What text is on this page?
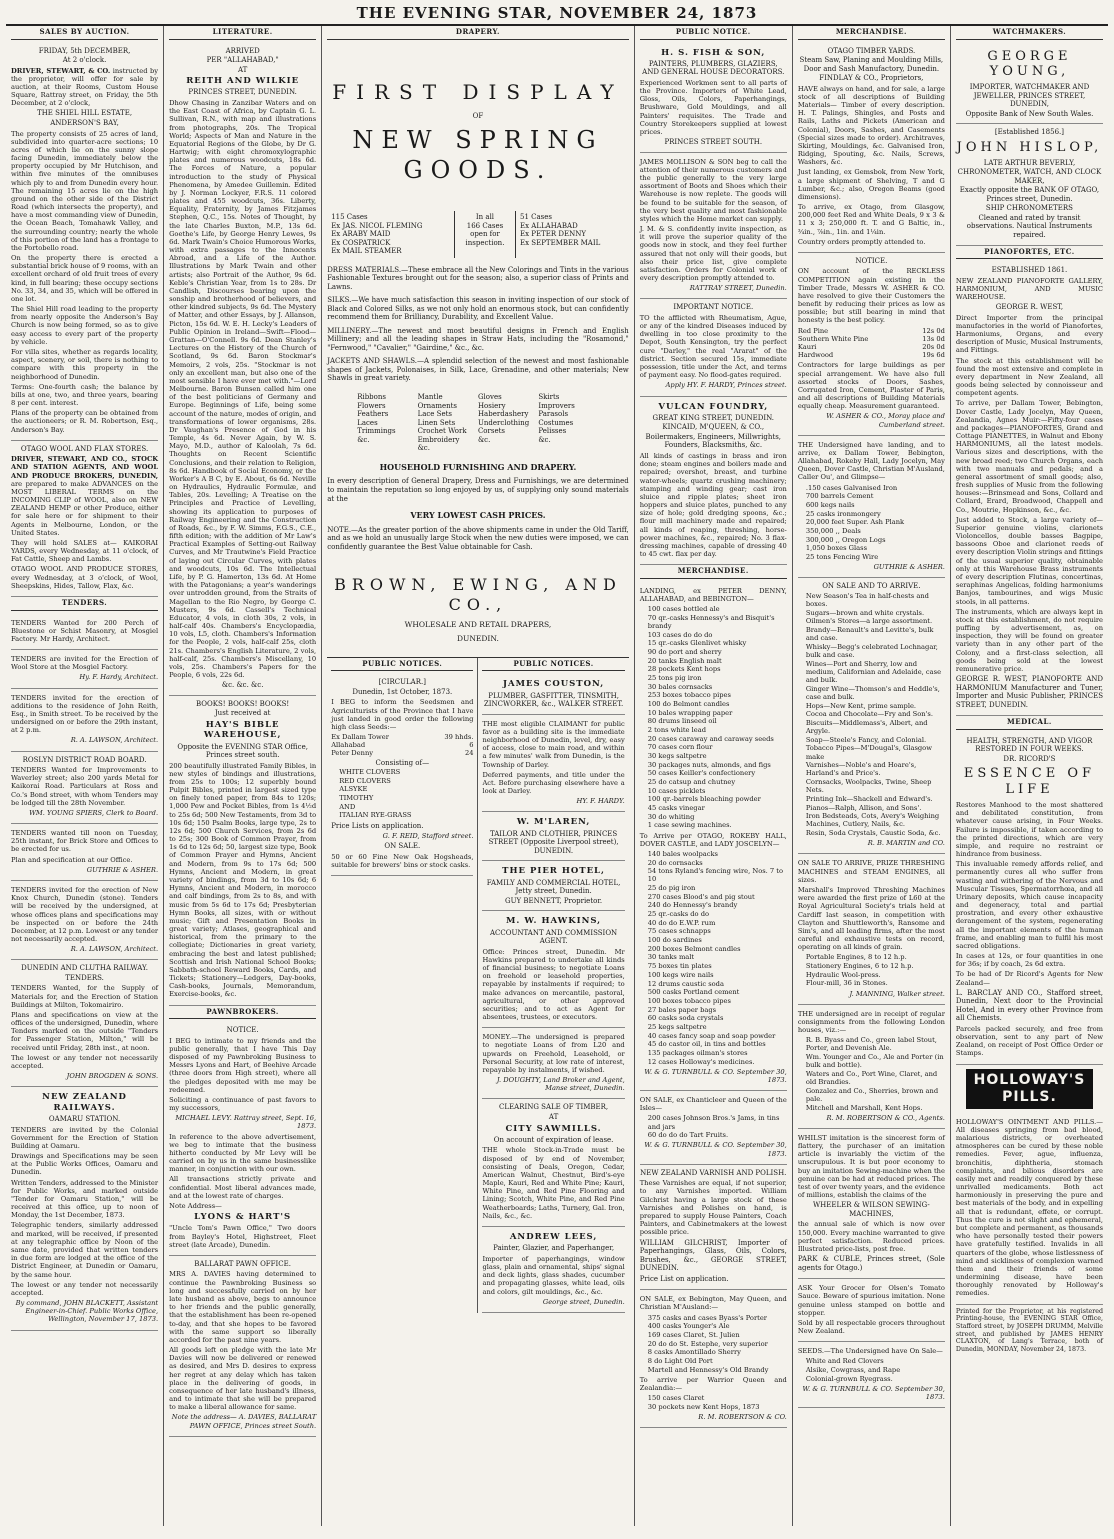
THE EVENING STAR, NOVEMBER 24, 1873
SALES BY AUCTION.
FRIDAY, 5th DECEMBER,
At 2 o'clock.

DRIVER, STEWART, & CO. instructed by the proprietor, will offer for sale by auction, at their Rooms, Custom House Square, Rattray street, on Friday, the 5th December, at 2 o'clock,

THE SHIEL HILL ESTATE,
ANDERSON'S BAY,

The property consists of 25 acres of land, subdivided into quarter-acre sections; 10 acres of which lie on the sunny slope facing Dunedin, immediately below the property occupied by Mr Hutchison, and within five minutes of the omnibuses which ply to and from Dunedin every hour. The remaining 15 acres lie on the high ground on the other side of the District Road (which intersects the property), and have a most commanding view of Dunedin, the Ocean Beach, Tomahawk Valley, and the surrounding country; nearly the whole of this portion of the land has a frontage to the Portobello road.

On the property there is erected a substantial brick house of 9 rooms, with an excellent orchard of old fruit trees of every kind, in full bearing; these occupy sections No. 33, 34, and 35, which will be offered in one lot.

The Shiel Hill road leading to the property from nearly opposite the Anderson's Bay Church is now being formed, so as to give easy access to every part of the property by vehicle.

For villa sites, whether as regards locality, aspect, scenery, or soil, there is nothing to compare with this property in the neighborhood of Dunedin.

Terms: One-fourth cash; the balance by bills at one, two, and three years, bearing 8 per cent. interest.

Plans of the property can be obtained from the auctioneers; or R. M. Robertson, Esq., Anderson's Bay.

OTAGO WOOL AND FLAX STORES.

DRIVER, STEWART, AND CO., STOCK AND STATION AGENTS, AND WOOL AND PRODUCE BROKERS, DUNEDIN, are prepared to make ADVANCES on the MOST LIBERAL TERMS on the INCOMING CLIP of WOOL, also on NEW ZEALAND HEMP or other Produce, either for sale here or for shipment to their Agents in Melbourne, London, or the United States.

They will hold SALES at— KAIKORAI YARDS, every Wednesday, at 11 o'clock, of Fat Cattle, Sheep and Lambs.

OTAGO WOOL AND PRODUCE STORES, every Wednesday, at 3 o'clock, of Wool, Sheepskins, Hides, Tallow, Flax, &c.

TENDERS.

TENDERS Wanted for 200 Perch of Bluestone or Schist Masonry, at Mosgiel Factory. Mr Hardy, Architect.

TENDERS are invited for the Erection of Wool Store at the Mosgiel Factory.

Hy. F. Hardy, Architect.

TENDERS invited for the erection of additions to the residence of John Reith, Esq., in Smith street. To be received by the undersigned on or before the 29th instant, at 2 p.m.

R. A. LAWSON, Architect.

ROSLYN DISTRICT ROAD BOARD.

TENDERS Wanted for Improvements to Waverley street; also 200 yards Metal for Kaikorai Road. Particulars at Ross and Co.'s Bond street, with whom Tenders may be lodged till the 28th November.

WM. YOUNG SPIERS, Clerk to Board.

TENDERS wanted till noon on Tuesday, 25th instant, for Brick Store and Offices to be erected for us.

Plan and specification at our Office.

GUTHRIE & ASHER.

TENDERS invited for the erection of New Knox Church, Dunedin (stone). Tenders will be received by the undersigned, at whose offices plans and specifications may be inspected on or before the 24th December, at 12 p.m. Lowest or any tender not necessarily accepted.

R. A. LAWSON, Architect.

DUNEDIN AND CLUTHA RAILWAY.
TENDERS.

TENDERS Wanted, for the Supply of Materials for, and the Erection of Station Buildings at Milton, Tokomairiro.

Plans and specifications on view at the offices of the undersigned, Dunedin, where Tenders marked on the outside "Tenders for Passenger Station, Milton," will be received until Friday, 28th inst., at noon.

The lowest or any tender not necessarily accepted.

JOHN BROGDEN & SONS.

NEW ZEALAND RAILWAYS.
OAMARU STATION.

TENDERS are invited by the Colonial Government for the Erection of Station Building at Oamaru.

Drawings and Specifications may be seen at the Public Works Offices, Oamaru and Dunedin.

Written Tenders, addressed to the Minister for Public Works, and marked outside "Tender for Oamaru Station," will be received at this office, up to noon of Monday, the 1st December, 1873.

Telegraphic tenders, similarly addressed and marked, will be received, if presented at any telegraphic office by Noon of the same date, provided that written tenders in due form are lodged at the office of the District Engineer, at Dunedin or Oamaru, by the same hour.

The lowest or any tender not necessarily accepted.

By command, JOHN BLACKETT, Assistant Engineer-in-Chief. Public Works Office, Wellington, November 17, 1873.

LITERATURE.
ARRIVED
PER "ALLAHABAD,"
AT
REITH AND WILKIE
PRINCES STREET, DUNEDIN.

Dhow Chasing in Zanzibar Waters and on the East Coast of Africa, by Captain G. L. Sullivan, R.N., with map and illustrations from photographs, 20s. The Tropical World; Aspects of Man and Nature in the Equatorial Regions of the Globe, by Dr G. Hartwig; with eight chromoxylographic plates and numerous woodcuts, 18s 6d. The Forces of Nature, a popular introduction to the study of Physical Phenomena, by Amedee Guillemin. Edited by J. Norman Lockyer, F.R.S. 11 colored plates and 455 woodcuts, 36s. Liberty, Equality, Fraternity, by James Fitzjames Stephen, Q.C., 15s. Notes of Thought, by the late Charles Buxton, M.P., 13s 6d. Goethe's Life, by George Henry Lewes, 9s 6d. Mark Twain's Choice Humorous Works, with extra passages to the Innocents Abroad, and a Life of the Author. Illustrations by Mark Twain and other artists; also Portrait of the Author, 9s 6d. Keble's Christian Year, from 1s to 28s. Dr Candlish, Discourses bearing upon the sonship and brotherhood of believers, and other kindred subjects, 9s 6d. The Mystery of Matter, and other Essays, by J. Allanson, Picton, 15s 6d. W. E. H. Lecky's Leaders of Public Opinion in Ireland—Swift—Flood—Grattan—O'Connell. 9s 6d. Dean Stanley's Lectures on the History of the Church of Scotland, 9s 6d. Baron Stockmar's Memoirs, 2 vols, 25s. "Stockmar is not only an excellent man, but also one of the most sensible I have ever met with."—Lord Melbourne. Baron Bunsen called him one of the best politicians of Germany and Europe. Beginnings of Life, being some account of the nature, modes of origin, and transformations of lower organisms, 28s. Dr Vaughan's Presence of God in his Temple, 4s 6d. Never Again, by W. S. Mayo, M.D., author of Kaloolah, 7s 6d. Thoughts on Recent Scientific Conclusions, and their relation to Religion, 8s 6d. Handbook of Social Economy, or the Worker's A B C, by E. About, 6s 6d. Neville on Hydraulics, Hydraulic Formulæ, and Tables, 20s. Levelling; A Treatise on the Principles and Practice of Levelling, showing its application to purposes of Railway Engineering and the Construction of Roads, &c., by F. W. Simms, F.G.S., C.E., fifth edition; with the addition of Mr Law's Practical Examples of Setting-out Railway Curves, and Mr Trautwine's Field Practice of laying out Circular Curves, with plates and woodcuts, 10s 6d. The Intellectual Life, by P. G. Hamerton, 13s 6d. At Home with the Patagonians; a year's wanderings over untrodden ground, from the Straits of Magellan to the Rio Negro, by George C. Musters, 9s 6d. Cassell's Technical Educator, 4 vols, in cloth 30s, 2 vols, in half-calf 40s. Chambers's Encyclopædia, 10 vols, L5, cloth. Chambers's Information for the People, 2 vols, half-calf 25s, cloth 21s. Chambers's English Literature, 2 vols, half-calf, 25s. Chambers's Miscellany, 10 vols, 25s. Chambers's Papers for the People, 6 vols, 22s 6d.

&c. &c. &c.
BOOKS! BOOKS! BOOKS!
Just received at
HAY'S BIBLE WAREHOUSE,
Opposite the EVENING STAR Office, Princes street south.

200 beautifully illustrated Family Bibles, in new styles of bindings and illustrations, from 25s to 100s; 12 superbly bound Pulpit Bibles, printed in largest sized type on finely toned paper, from 84s to 120s; 1,000 Pew and Pocket Bibles, from 1s 4½d to 25s 6d; 500 New Testaments, from 3d to 10s 6d; 150 Psalm Books, large type, 2s to 12s 6d; 500 Church Services, from 2s 6d to 25s; 300 Book of Common Prayer, from 1s 6d to 12s 6d; 50, largest size type, Book of Common Prayer and Hymns, Ancient and Modern, from 9s to 17s 6d; 500 Hymns, Ancient and Modern, in great variety of bindings, from 3d to 10s 6d; 6 Hymns, Ancient and Modern, in morocco and calf bindings, from 2s to 8s, and with music from 5s 6d to 17s 6d; Presbyterian Hymn Books, all sizes, with or without music; Gift and Presentation Books in great variety; Atlases, geographical and historical, from the primary to the collegiate; Dictionaries in great variety, embracing the best and latest published; Scottish and Irish National School Books; Sabbath-school Reward Books, Cards, and Tickets; Stationery—Ledgers, Day-books, Cash-books, Journals, Memorandum, Exercise-books, &c.

PAWNBROKERS.
NOTICE.

I BEG to intimate to my friends and the public generally, that I have This Day disposed of my Pawnbroking Business to Messrs Lyons and Hart, of Beehive Arcade (three doors from High street), where all the pledges deposited with me may be redeemed.

Soliciting a continuance of past favors to my successors,

MICHAEL LEVY. Rattray street, Sept. 16, 1873.

In reference to the above advertisement, we beg to intimate that the business hitherto conducted by Mr Levy will be carried on by us in the same businesslike manner, in conjunction with our own.

All transactions strictly private and confidential. Most liberal advances made, and at the lowest rate of charges.

Note Address—

LYONS & HART'S

"Uncle Tom's Pawn Office," Two doors from Bayley's Hotel, Highstreet, Fleet street (late Arcade), Dunedin.

BALLARAT PAWN OFFICE.

MRS A. DAVIES having determined to continue the Pawnbroking Business so long and successfully carried on by her late husband as above, begs to announce to her friends and the public generally, that the establishment has been re-opened to-day, and that she hopes to be favored with the same support so liberally accorded for the past nine years.

All goods left on pledge with the late Mr Davies will now be delivered or renewed as desired, and Mrs D. desires to express her regret at any delay which has taken place in the delivering of goods, in consequence of her late husband's illness, and to intimate that she will be prepared to make a liberal allowance for same.

Note the address— A. DAVIES, BALLARAT PAWN OFFICE, Princes street South.

DRAPERY.
FIRST DISPLAY
OF
NEW SPRING GOODS.
115 Cases
Ex JAS. NICOL FLEMING
Ex ARABY MAID
Ex COSPATRICK
Ex MAIL STEAMER

In all
166 Cases
open for
inspection.

51 Cases
Ex ALLAHABAD
Ex PETER DENNY
Ex SEPTEMBER MAIL

DRESS MATERIALS.—These embrace all the New Colorings and Tints in the various Fashionable Textures brought out for the season; also, a superior class of Prints and Lawns.

SILKS.—We have much satisfaction this season in inviting inspection of our stock of Black and Colored Silks, as we not only hold an enormous stock, but can confidently recommend them for Brilliancy, Durability, and Excellent Value.

MILLINERY.—The newest and most beautiful designs in French and English Millinery; and all the leading shapes in Straw Hats, including the "Rosamond," "Fernwood," "Cavalier," "Gairdine," &c., &c.

JACKETS AND SHAWLS.—A splendid selection of the newest and most fashionable shapes of Jackets, Polonaises, in Silk, Lace, Grenadine, and other materials; New Shawls in great variety.

Ribbons
Flowers
Feathers
Laces
Trimmings
&c.
Mantle Ornaments
Lace Sets
Linen Sets
Crochet Work
Embroidery
&c.
Gloves
Hosiery
Haberdashery
Underclothing
Corsets
&c.
Skirts
Improvers
Parasols
Costumes
Pelisses
&c.
HOUSEHOLD FURNISHING AND DRAPERY.

In every description of General Drapery, Dress and Furnishings, we are determined to maintain the reputation so long enjoyed by us, of supplying only sound materials at the

VERY LOWEST CASH PRICES.

NOTE.—As the greater portion of the above shipments came in under the Old Tariff, and as we hold an unusually large Stock when the new duties were imposed, we can confidently guarantee the Best Value obtainable for Cash.

BROWN, EWING, AND CO.,
WHOLESALE AND RETAIL DRAPERS,
DUNEDIN.
PUBLIC NOTICES.
[CIRCULAR.]
Dunedin, 1st October, 1873.

I BEG to inform the Seedsmen and Agriculturists of the Province that I have just landed in good order the following high class Seeds:—

Ex Dallam Tower	39 hhds.
Allahabad	6
Peter Denny	24
Consisting of—
WHITE CLOVERS
RED CLOVERS
ALSYKE
TIMOTHY
AND
ITALIAN RYE-GRASS

Price Lists on application.

G. F. REID, Stafford street.

ON SALE.

50 or 60 Fine New Oak Hogsheads, suitable for brewers' bins or stock casks.

PUBLIC NOTICES.
JAMES COUSTON,
PLUMBER, GASFITTER, TINSMITH, ZINCWORKER, &c., WALKER STREET.

THE most eligible CLAIMANT for public favor as a building site is the immediate neighborhood of Dunedin, level, dry, easy of access, close to main road, and within a few minutes' walk from Dunedin, is the Township of Darley.

Deferred payments, and title under the Act. Before purchasing elsewhere have a look at Darley.

HY. F. HARDY.

W. M'LAREN,
TAILOR AND CLOTHIER, PRINCES STREET (Opposite Liverpool street), DUNEDIN.
THE PIER HOTEL,
FAMILY AND COMMERCIAL HOTEL, Jetty street, Dunedin.
GUY BENNETT, Proprietor.
M. W. HAWKINS,
ACCOUNTANT AND COMMISSION AGENT.

Office: Princes street, Dunedin. Mr Hawkins prepared to undertake all kinds of financial business; to negotiate Loans on freehold or leasehold properties, repayable by instalments if required; to make advances on mercantile, pastoral, agricultural, or other approved securities; and to act as Agent for absentees, trustees, or executors.

MONEY.—The undersigned is prepared to negotiate Loans of from L20 and upwards on Freehold, Leasehold, or Personal Security, at low rate of interest, repayable by instalments, if wished.

J. DOUGHTY, Land Broker and Agent, Manse street, Dunedin.

CLEARING SALE OF TIMBER,
AT
CITY SAWMILLS.
On account of expiration of lease.

THE whole Stock-in-Trade must be disposed of by end of November, consisting of Deals, Oregon, Cedar, American Walnut, Chestnut, Bird's-eye Maple, Kauri, Red and White Pine; Kauri, White Pine, and Red Pine Flooring and Lining; Scotch, White Pine, and Red Pine Weatherboards; Laths, Turnery, Gal. Iron, Nails, &c., &c.

ANDREW LEES,
Painter, Glazier, and Paperhanger,

Importer of paperhangings, window glass, plain and ornamental, ships' signal and deck lights, glass shades, cucumber and propagating glasses, white lead, oils and colors, gilt mouldings, &c., &c.

George street, Dunedin.

PUBLIC NOTICE.
H. S. FISH & SON,
PAINTERS, PLUMBERS, GLAZIERS, AND GENERAL HOUSE DECORATORS.

Experienced Workmen sent to all parts of the Province. Importers of White Lead, Gloss, Oils, Colors, Paperhangings, Brushware, Gold Mouldings, and all Painters' requisites. The Trade and Country Storekeepers supplied at lowest prices.

PRINCES STREET SOUTH.

JAMES MOLLISON & SON beg to call the attention of their numerous customers and the public generally to the very large assortment of Boots and Shoes which their Warehouse is now replete. The goods will be found to be suitable for the season, of the very best quality and most fashionable styles which the Home market can supply.

J. M. & S. confidently invite inspection, as it will prove the superior quality of the goods now in stock, and they feel further assured that not only will their goods, but also their price list, give complete satisfaction. Orders for Colonial work of every description promptly attended to.

RATTRAY STREET, Dunedin.

IMPORTANT NOTICE.

TO the afflicted with Rheumatism, Ague, or any of the kindred Diseases induced by dwelling in too close proximity to the Depot, South Kensington, try the perfect cure "Darley," the real "Ararat" of the district. Section secured 15s, immediate possession, title under the Act, and terms of payment easy. No flood-gates required.

Apply HY. F. HARDY, Princes street.

VULCAN FOUNDRY,
GREAT KING STREET, DUNEDIN.
KINCAID, M'QUEEN, & CO.,
Boilermakers, Engineers, Millwrights, Founders, Blacksmiths, &c.

All kinds of castings in brass and iron done; steam engines and boilers made and repaired; overshot, breast, and turbine water-wheels; quartz crushing machinery; stamping and winding gear; cast iron sluice and ripple plates; sheet iron hoppers and sluice plates, punched to any size of hole; gold dredging spoons, &c.; flour mill machinery made and repaired; all kinds of reaping, threshing, horse-power machines, &c., repaired; No. 3 flax-dressing machines, capable of dressing 40 to 45 cwt. flax per day.

MERCHANDISE.

LANDING, ex PETER DENNY, ALLAHABAD, and BEBINGTON—

100 cases bottled ale
70 qr.-casks Hennessy's and Bisquit's brandy
103 cases do do do
15 qr.-casks Glenlivet whisky
90 do port and sherry
20 tanks English malt
28 pockets Kent hops
25 tons pig iron
30 bales cornsacks
253 boxes tobacco pipes
100 do Belmont candles
10 bales wrapping paper
80 drums linseed oil
2 tons white lead
20 cases caraway and caraway seeds
70 cases corn flour
30 kegs saltpetre
30 packages nuts, almonds, and figs
50 cases Keiller's confectionery
25 do catsup and chutney
10 cases picklets
100 qr.-barrels bleaching powder
45 casks vinegar
30 do whiting
1 case sewing machines.

To Arrive per OTAGO, ROKEBY HALL, DOVER CASTLE, and LADY JOSCELYN—

140 bales woolpacks
20 do cornsacks
54 tons Ryland's fencing wire, Nos. 7 to 10
25 do pig iron
270 cases Blood's and pig stout
240 do Hennessy's brandy
25 qr.-casks do do
40 do do E.W.P. rum
75 cases schnapps
100 do sardines
200 boxes Belmont candles
30 tanks malt
75 boxes tin plates
100 kegs wire nails
12 drums caustic soda
500 casks Portland cement
100 boxes tobacco pipes
27 bales paper bags
60 casks soda crystals
25 kegs saltpetre
40 cases fancy soap and soap powder
45 do castor oil, in tins and bottles
135 packages oilman's stores
12 cases Holloway's medicines.

W. & G. TURNBULL & CO. September 30, 1873.

ON SALE, ex Chanticleer and Queen of the Isles—

200 cases Johnson Bros.'s Jams, in tins and jars
60 do do do Tart Fruits.

W. & G. TURNBULL & CO. September 30, 1873.

NEW ZEALAND VARNISH AND POLISH.

These Varnishes are equal, if not superior, to any Varnishes imported. William Gilchrist having a large stock of these Varnishes and Polishes on hand, is prepared to supply House Painters, Coach Painters, and Cabinetmakers at the lowest possible price.

WILLIAM GILCHRIST, Importer of Paperhangings, Glass, Oils, Colors, Brushes, &c., GEORGE STREET, DUNEDIN.

Price List on application.

ON SALE, ex Bebington, May Queen, and Christian M'Ausland:—

375 casks and cases Byass's Porter
400 casks Younger's Ale
169 cases Claret, St. Julien
20 do do St. Estephe, very superior
8 casks Amontillado Sherry
8 do Light Old Port
Martell and Hennessy's Old Brandy

To arrive per Warrior Queen and Zealandia:—

150 cases Claret
30 pockets new Kent Hops, 1873

R. M. ROBERTSON & CO.

MERCHANDISE.
OTAGO TIMBER YARDS.
Steam Saw, Planing and Moulding Mills, Door and Sash Manufactory, Dunedin.
FINDLAY & CO., Proprietors,

HAVE always on hand, and for sale, a large stock of all descriptions of Building Materials— Timber of every description. H. T. Palings, Shingles, and Posts and Rails, Laths and Pickets (American and Colonial), Doors, Sashes, and Casements (Special sizes made to order). Architraves, Skirting, Mouldings, &c. Galvanised Iron, Ridging, Spouting, &c. Nails, Screws, Washers, &c.

Just landing, ex Gemsbok, from New York, a large shipment of Shelving, T and G Lumber, &c.; also, Oregon Beams (good dimensions).

To arrive, ex Otago, from Glasgow, 200,000 feet Red and White Deals, 9 x 3 & 11 x 3; 250,000 ft. T. and G Baltic, in., ¾in., ⅞in., 1in. and 1¼in.

Country orders promptly attended to.

NOTICE.

ON account of the RECKLESS COMPETITION again existing in the Timber Trade, Messrs W. ASHER & CO. have resolved to give their Customers the benefit by reducing their prices as low as possible; but still bearing in mind that honesty is the best policy.

Red Pine	12s 0d
Southern White Pine	13s 0d
Kauri	20s 0d
Hardwood	19s 6d

Contractors for large buildings as per special arrangement. We have also full assorted stocks of Doors, Sashes, Corrugated Iron, Cement, Plaster of Paris, and all descriptions of Building Materials equally cheap. Measurement guaranteed.

W. ASHER & CO., Moray place and Cumberland street.

THE Undersigned have landing, and to arrive, ex Dallam Tower, Bebington, Allahabad, Rokeby Hall, Lady Jocelyn, May Queen, Dover Castle, Christian M'Ausland, Caller Ou', and Glimpse—

.150 cases Galvanised Iron
700 barrels Cement
600 kegs nails
25 casks ironmongery
20,000 feet Super. Ash Plank
350,000 ,, Deals
300,000 ,, Oregon Logs
1,050 boxes Glass
25 tons Fencing Wire

GUTHRIE & ASHER.

ON SALE AND TO ARRIVE.
New Season's Tea in half-chests and boxes.
Sugars—brown and white crystals.
Oilmen's Stores—a large assortment.
Brandy—Renault's and Levitte's, bulk and case.
Whisky—Begg's celebrated Lochnagar, bulk and case.
Wines—Port and Sherry, low and medium, Californian and Adelaide, case and bulk.
Ginger Wine—Thomson's and Heddle's, case and bulk.
Hops—New Kent, prime sample.
Cocoa and Chocolate—Fry and Son's.
Biscuits—Middlemass's, Albert, and Argyle.
Soap—Steele's Fancy, and Colonial.
Tobacco Pipes—M'Dougal's, Glasgow make
Varnishes—Noble's and Hoare's, Harland's and Price's.
Cornsacks, Woolpacks, Twine, Sheep Nets.
Printing Ink—Shackell and Edward's.
Pianos—Ralph, Allison, and Sons'.
Iron Bedsteads, Cots, Avery's Weighing Machines, Cutlery, Nails, &c.
Resin, Soda Crystals, Caustic Soda, &c.

R. B. MARTIN and CO.

ON SALE TO ARRIVE, PRIZE THRESHING MACHINES and STEAM ENGINES, all sizes.

Marshall's Improved Threshing Machines were awarded the first prize of L60 at the Royal Agricultural Society's trials held at Cardiff last season, in competition with Clayton and Shuttleworth's, Ransome and Sim's, and all leading firms, after the most careful and exhaustive tests on record, operating on all kinds of grain.

Portable Engines, 8 to 12 h.p.
Stationery Engines, 6 to 12 h.p.
Hydraulic Wool-press.
Flour-mill, 36 in Stones.

J. MANNING, Walker street.

THE undersigned are in receipt of regular consignments from the following London houses, viz.:—

R. B. Byass and Co., green label Stout, Porter, and Devenish Ale.
Wm. Younger and Co., Ale and Porter (in bulk and bottle).
Waters and Co., Port Wine, Claret, and old Brandies.
Gonzalez and Co., Sherries, brown and pale.
Mitchell and Marshall, Kent Hops.

R. M. ROBERTSON & CO., Agents.

WHILST imitation is the sincerest form of flattery, the purchaser of an imitation article is invariably the victim of the unscrupulous. It is but poor economy to buy an imitation Sewing-machine when the genuine can be had at reduced prices. The test of over twenty years, and the evidence of millions, establish the claims of the

WHEELER & WILSON SEWING-MACHINES,

the annual sale of which is now over 150,000. Every machine warranted to give perfect satisfaction. Reduced prices. Illustrated price-lists, post free.

PARK & CUBLE, Princes street, (Sole agents for Otago.)

ASK Your Grocer for Olsen's Tomato Sauce. Beware of spurious imitation. None genuine unless stamped on bottle and stopper.

Sold by all respectable grocers throughout New Zealand.

SEEDS.—The Undersigned have On Sale—

White and Red Clovers
Alsike, Cowgrass, and Rape
Colonial-grown Ryegrass.

W. & G. TURNBULL & CO. September 30, 1873.

WATCHMAKERS.
GEORGE YOUNG,
IMPORTER, WATCHMAKER AND JEWELLER, PRINCES STREET, DUNEDIN,
Opposite Bank of New South Wales.
[Established 1856.]
JOHN HISLOP,
LATE ARTHUR BEVERLY,
CHRONOMETER, WATCH, AND CLOCK MAKER,
Exactly opposite the BANK OF OTAGO, Princes street, Dunedin.
SHIP CHRONOMETERS
Cleaned and rated by transit observations. Nautical Instruments repaired.
PIANOFORTES, ETC.
ESTABLISHED 1861.

NEW ZEALAND PIANOFORTE GALLERY, HARMONIUM, AND MUSIC WAREHOUSE.

GEORGE R. WEST,

Direct Importer from the principal manufactories in the world of Pianofortes, Harmoniums, Organs, and every description of Music, Musical Instruments, and Fittings.

The stock at this establishment will be found the most extensive and complete in every department in New Zealand, all goods being selected by connoisseur and competent agents.

To arrive, per Dallam Tower, Bebington, Dover Castle, Lady Jocelyn, May Queen, Zealandia, Agnes Muir:—Fifty-four cases and packages—PIANOFORTES, Grand and Cottage PIANETTES, in Walnut and Ebony HARMONIUMS, all the latest models. Various sizes and descriptions, with the new broad reed; two Church Organs, each with two manuals and pedals; and a general assortment of small goods; also, fresh supplies of Music from the following houses:—Brinsmead and Sons, Collard and Collard, Erard, Broadwood, Chappell and Co., Moutrie, Hopkinson, &c., &c.

Just added to Stock, a large variety of— Superior genuine violins, clarionets Violoncellos, double basses Bagpipe, bassoons Oboe and clarionet reeds of every description Violin strings and fittings of the usual superior quality, obtainable only at this Warehouse Brass instruments of every description Flutinas, concertinas, seraphinas Angelicas, folding harmoniums Banjos, tambourines, and wigs Music stools, in all patterns.

The instruments, which are always kept in stock at this establishment, do not require puffing by advertisement, as, on inspection, they will be found on greater variety than in any other part of the Colony, and a first-class selection, all goods being sold at the lowest remunerative price.

GEORGE R. WEST, PIANOFORTE AND HARMONIUM Manufacturer and Tuner, Importer and Music Publisher, PRINCES STREET, DUNEDIN.

MEDICAL.
HEALTH, STRENGTH, AND VIGOR RESTORED IN FOUR WEEKS.
DR. RICORD'S
ESSENCE OF LIFE

Restores Manhood to the most shattered and debilitated constitution, from whatever cause arising, in Four Weeks. Failure is impossible, if taken according to the printed directions, which are very simple, and require no restraint or hindrance from business.

This invaluable remedy affords relief, and permanently cures all who suffer from wasting and withering of the Nervous and Muscular Tissues, Spermatorrhœa, and all Urinary deposits, which cause incapacity and degeneracy, total and partial prostration, and every other exhaustive derangement of the system, regenerating all the important elements of the human frame, and enabling man to fulfil his most sacred obligations.

In cases at 12s, or four quantities in one for 36s; if by coach, 2s 6d extra.

To be had of Dr Ricord's Agents for New Zealand—

L. BARCLAY AND CO., Stafford street, Dunedin, Next door to the Provincial Hotel, And in every other Province from all Chemists.

Parcels packed securely, and free from observation, sent to any part of New Zealand, on receipt of Post Office Order or Stamps.

HOLLOWAY'S PILLS.

HOLLOWAY'S OINTMENT AND PILLS.—All diseases springing from bad blood, malarious districts, or overheated atmospheres can be cured by these noble remedies. Fever, ague, influenza, bronchitis, diphtheria, stomach complaints, and bilious disorders are easily met and readily conquered by these unrivalled medicaments. Both act harmoniously in preserving the pure and best materials of the body, and in expelling all that is redundant, effete, or corrupt. Thus the cure is not slight and ephemeral, but complete and permanent, as thousands who have personally tested their powers have gratefully testified. Invalids in all quarters of the globe, whose listlessness of mind and sickliness of complexion warned them and their friends of some undermining disease, have been thoroughly renovated by Holloway's remedies.

Printed for the Proprietor, at his registered Printing-house, the EVENING STAR Office, Stafford street, by JOSEPH DRUMM, Melville street, and published by JAMES HENRY CLAXTON, of Lang's Terrace, both of Dunedin, MONDAY, November 24, 1873.
